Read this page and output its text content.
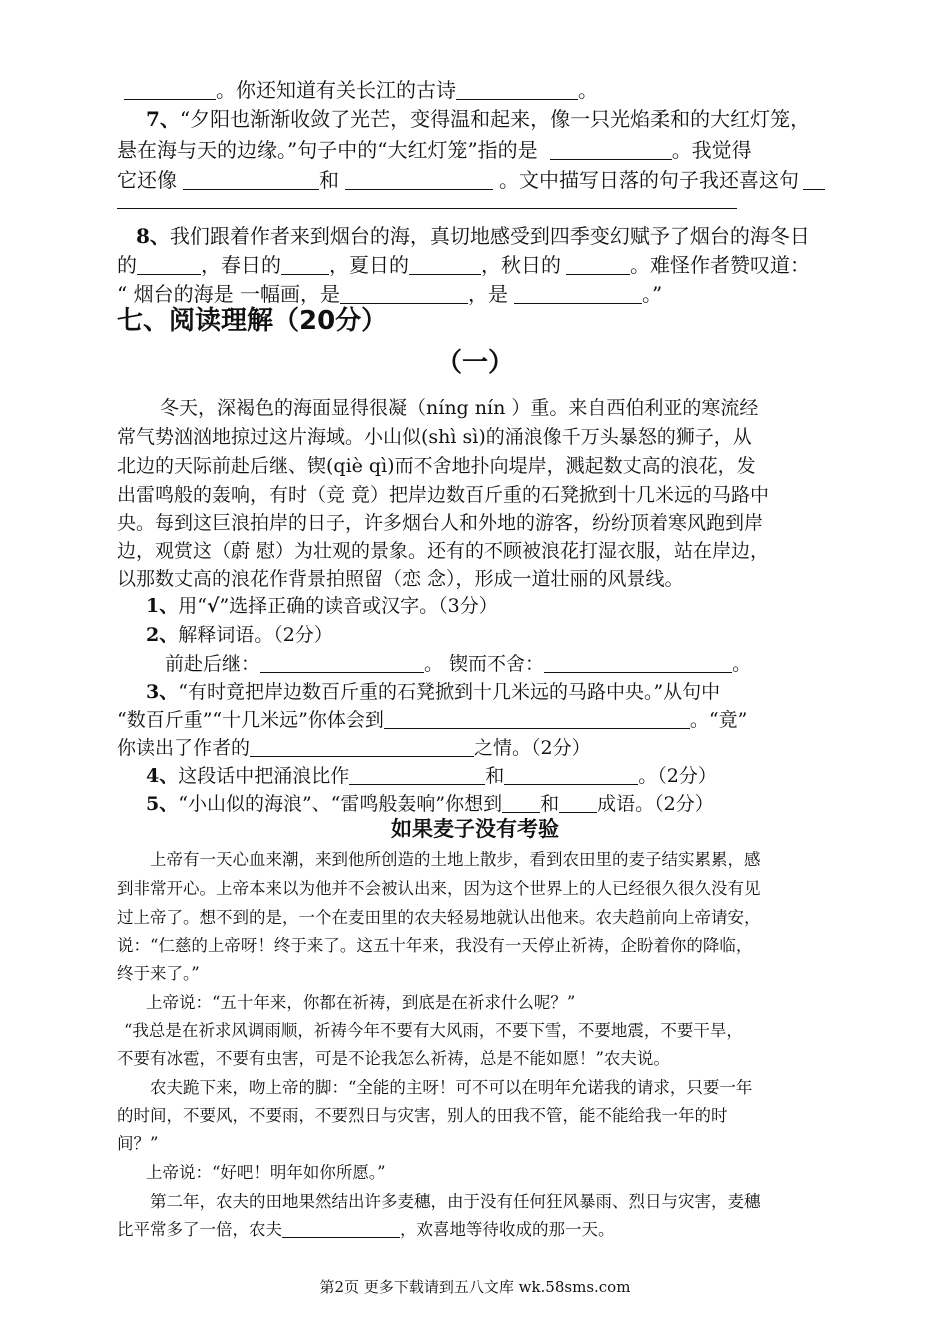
。你还知道有关长江的古诗	。
7、“夕阳也渐渐收敛了光芒，变得温和起来，像一只光焰柔和的大红灯笼，
悬在海与天的边缘。”句子中的“大红灯笼”指的是	。我觉得
它还像	和	。文中描写日落的句子我还喜这句
8、我们跟着作者来到烟台的海，真切地感受到四季变幻赋予了烟台的海冬日
的	，春日的 ，夏日的	，秋日的	。难怪作者赞叹道：
“ 烟台的海是 一幅画，是	，是	。”
七、阅读理解（20分）
（一）
冬天，深褐色的海面显得很凝（níng nín ）重。来自西伯利亚的寒流经
常气势汹汹地掠过这片海域。小山似(shì sì)的涌浪像千万头暴怒的狮子，从
北边的天际前赴后继、锲(qiè qì)而不舍地扑向堤岸，溅起数丈高的浪花，发
出雷鸣般的轰响，有时（竞 竟）把岸边数百斤重的石凳掀到十几米远的马路中
央。每到这巨浪拍岸的日子，许多烟台人和外地的游客，纷纷顶着寒风跑到岸
边，观赏这（蔚 慰）为壮观的景象。还有的不顾被浪花打湿衣服，站在岸边，
以那数丈高的浪花作背景拍照留（恋 念），形成一道壮丽的风景线。
1、用“√”选择正确的读音或汉字。（3分）
2、解释词语。（2分）
前赴后继：	。 锲而不舍：	。
3、“有时竟把岸边数百斤重的石凳掀到十几米远的马路中央。”从句中
“数百斤重”“十几米远”你体会到	。“竟”
你读出了作者的	之情。（2分）
4、这段话中把涌浪比作	和	。（2分）
5、“小山似的海浪”、“雷鸣般轰响”你想到 和 成语。（2分）
如果麦子没有考验
上帝有一天心血来潮，来到他所创造的土地上散步，看到农田里的麦子结实累累，感
到非常开心。上帝本来以为他并不会被认出来，因为这个世界上的人已经很久很久没有见
过上帝了。想不到的是，一个在麦田里的农夫轻易地就认出他来。农夫趋前向上帝请安，
说：“仁慈的上帝呀！终于来了。这五十年来，我没有一天停止祈祷，企盼着你的降临，
终于来了。”
上帝说：“五十年来，你都在祈祷，到底是在祈求什么呢？”
“我总是在祈求风调雨顺，祈祷今年不要有大风雨，不要下雪，不要地震，不要干旱，
不要有冰雹，不要有虫害，可是不论我怎么祈祷，总是不能如愿！”农夫说。
农夫跪下来，吻上帝的脚：“全能的主呀！可不可以在明年允诺我的请求，只要一年
的时间，不要风，不要雨，不要烈日与灾害，别人的田我不管，能不能给我一年的时
间？”
上帝说：“好吧！明年如你所愿。”
第二年，农夫的田地果然结出许多麦穗，由于没有任何狂风暴雨、烈日与灾害，麦穗
比平常多了一倍，农夫	，欢喜地等待收成的那一天。
第2页 更多下载请到五八文库 wk.58sms.com
